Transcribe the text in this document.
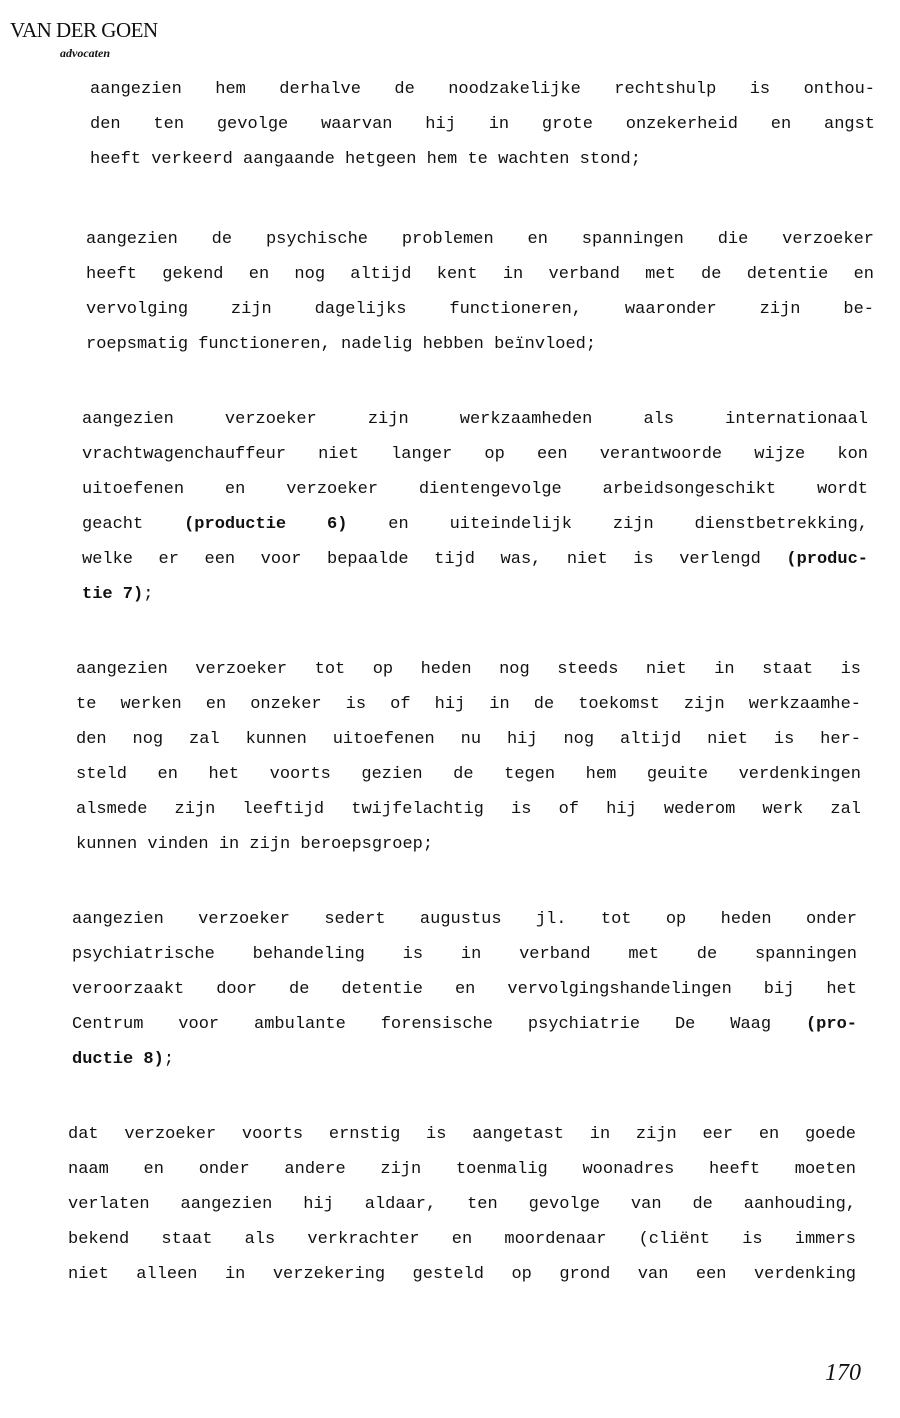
VAN DER GOEN
advocaten
aangezien hem derhalve de noodzakelijke rechtshulp is onthou-
den ten gevolge waarvan hij in grote onzekerheid en angst
heeft verkeerd aangaande hetgeen hem te wachten stond;
aangezien de psychische problemen en spanningen die verzoeker
heeft gekend en nog altijd kent in verband met de detentie en
vervolging zijn dagelijks functioneren, waaronder zijn be-
roepsmatig functioneren, nadelig hebben beïnvloed;
aangezien verzoeker zijn werkzaamheden als internationaal
vrachtwagenchauffeur niet langer op een verantwoorde wijze kon
uitoefenen en verzoeker dientengevolge arbeidsongeschikt wordt
geacht (productie 6) en uiteindelijk zijn dienstbetrekking,
welke er een voor bepaalde tijd was, niet is verlengd (produc-
tie 7);
aangezien verzoeker tot op heden nog steeds niet in staat is
te werken en onzeker is of hij in de toekomst zijn werkzaamhe-
den nog zal kunnen uitoefenen nu hij nog altijd niet is her-
steld en het voorts gezien de tegen hem geuite verdenkingen
alsmede zijn leeftijd twijfelachtig is of hij wederom werk zal
kunnen vinden in zijn beroepsgroep;
aangezien verzoeker sedert augustus jl. tot op heden onder
psychiatrische behandeling is in verband met de spanningen
veroorzaakt door de detentie en vervolgingshandelingen bij het
Centrum voor ambulante forensische psychiatrie De Waag (pro-
ductie 8);
dat verzoeker voorts ernstig is aangetast in zijn eer en goede
naam en onder andere zijn toenmalig woonadres heeft moeten
verlaten aangezien hij aldaar, ten gevolge van de aanhouding,
bekend staat als verkrachter en moordenaar (cliënt is immers
niet alleen in verzekering gesteld op grond van een verdenking
170
